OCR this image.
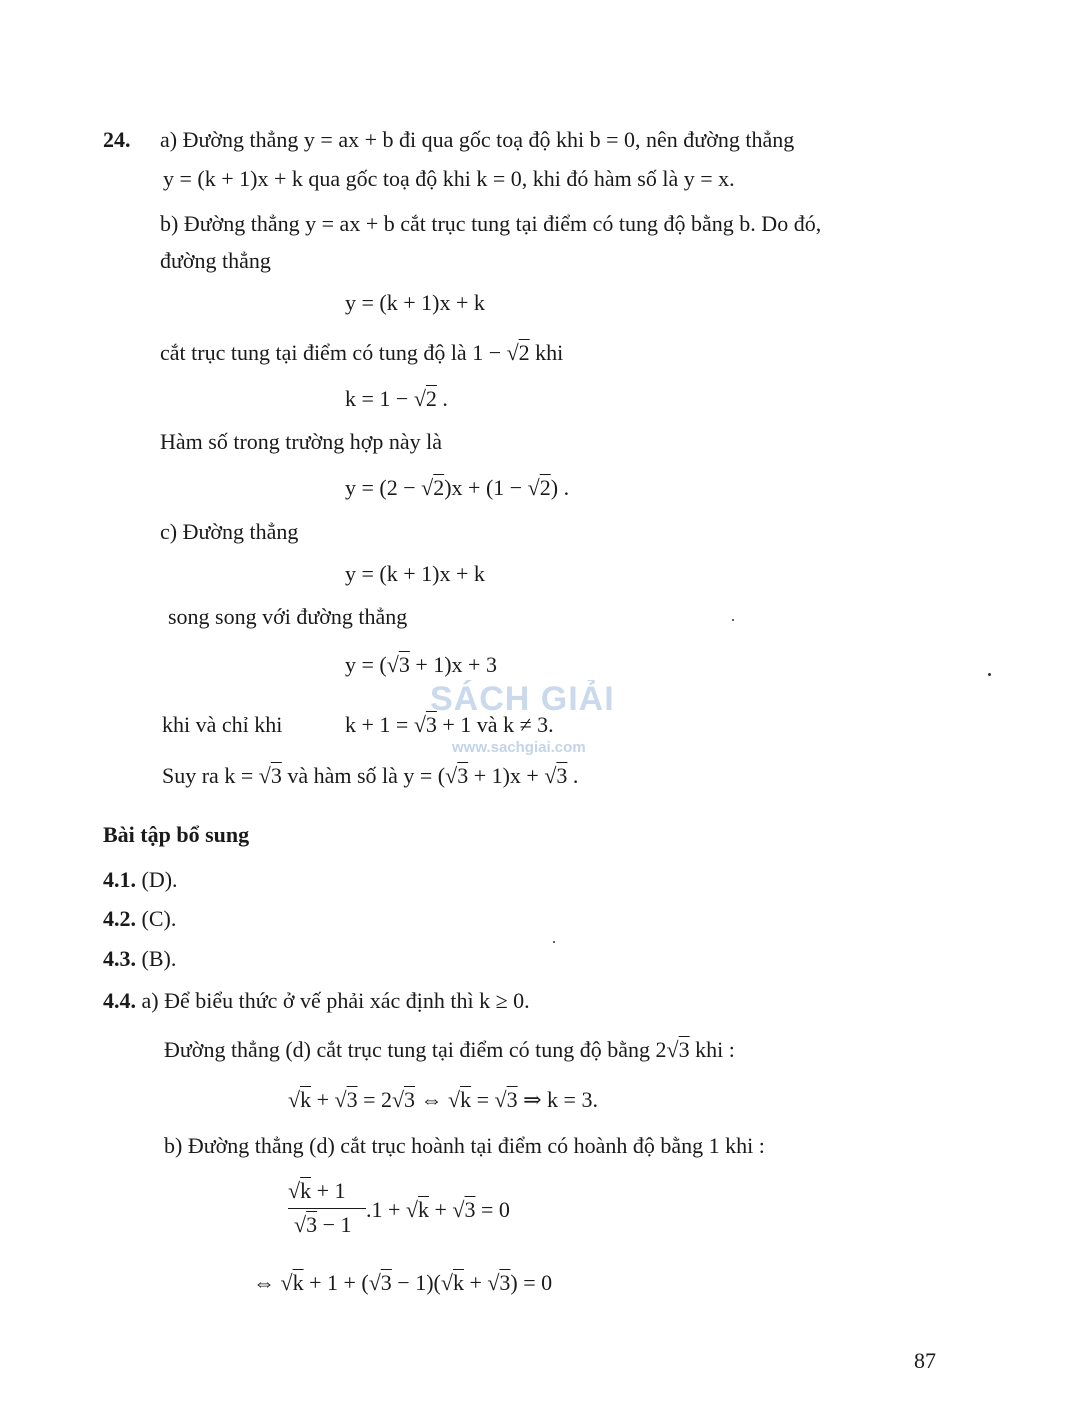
24. a) Đường thẳng y = ax + b đi qua gốc toạ độ khi b = 0, nên đường thẳng
y = (k + 1)x + k qua gốc toạ độ khi k = 0, khi đó hàm số là y = x.
b) Đường thẳng y = ax + b cắt trục tung tại điểm có tung độ bằng b. Do đó,
đường thẳng
y = (k + 1)x + k
cắt trục tung tại điểm có tung độ là 1 − √2 khi
k = 1 − √2 .
Hàm số trong trường hợp này là
y = (2 − √2)x + (1 − √2) .
c) Đường thẳng
y = (k + 1)x + k
song song với đường thẳng
y = (√3 + 1)x + 3
khi và chỉ khi	k + 1 = √3 + 1 và k ≠ 3.
Suy ra k = √3 và hàm số là y = (√3 + 1)x + √3 .
SÁCH GIẢI
www.sachgiai.com
Bài tập bổ sung
4.1. (D).
4.2. (C).
4.3. (B).
4.4. a) Để biểu thức ở vế phải xác định thì k ≥ 0.
Đường thẳng (d) cắt trục tung tại điểm có tung độ bằng 2√3 khi :
√k + √3 = 2√3 ⇔ √k = √3 ⇒ k = 3.
b) Đường thẳng (d) cắt trục hoành tại điểm có hoành độ bằng 1 khi :
√k + 1
√3 − 1
.1 + √k + √3 = 0
⇔ √k + 1 + (√3 − 1)(√k + √3) = 0
87
